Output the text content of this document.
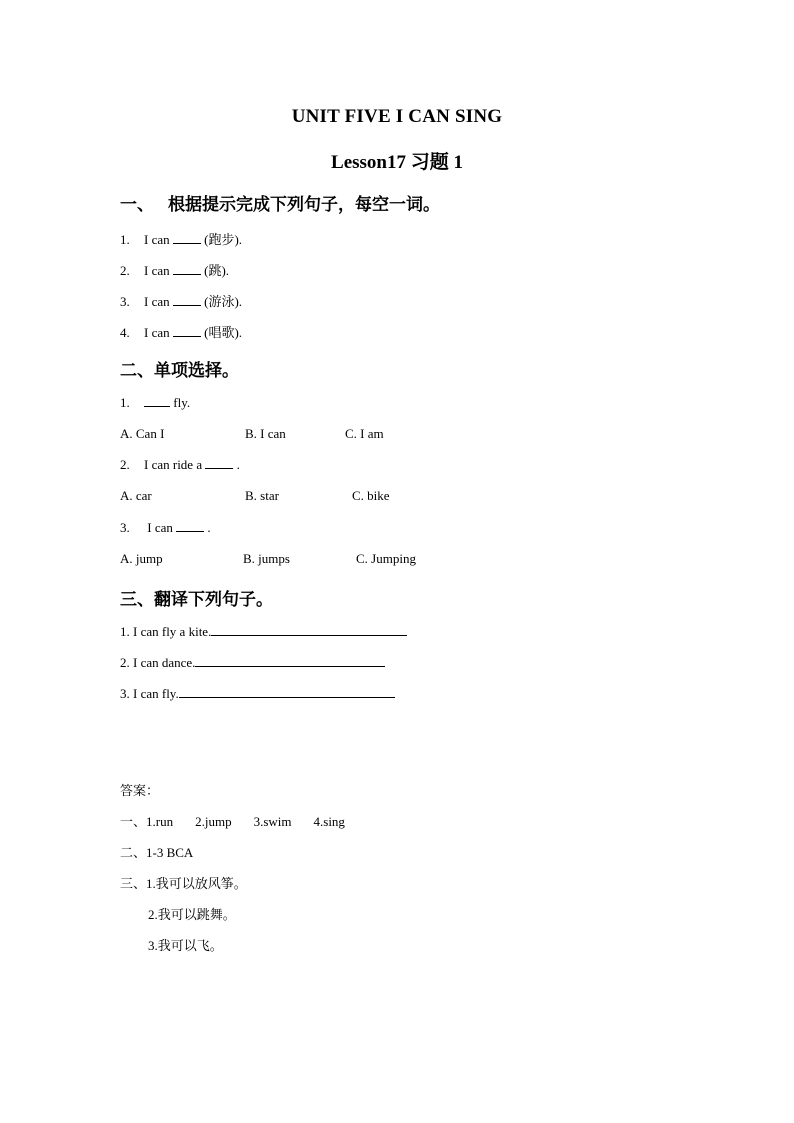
UNIT FIVE I CAN SING
Lesson17 习题 1
一、 根据提示完成下列句子，每空一词。

1. I can	(跑步).

2. I can	(跳).

3. I can	(游泳).

4. I can	(唱歌).

二、单项选择。

1.	fly.

A. Can I	B. I can	C. I am

2. I can ride a	.

A. car	B. star	C. bike

3. I can	.

A. jump	B. jumps	C. Jumping
三、翻译下列句子。

1. I can fly a kite.

2. I can dance.

3. I can fly.

答案：

一、1.run 2.jump 3.swim 4.sing

二、1-3 BCA

三、1.我可以放风筝。

2.我可以跳舞。

3.我可以飞。
